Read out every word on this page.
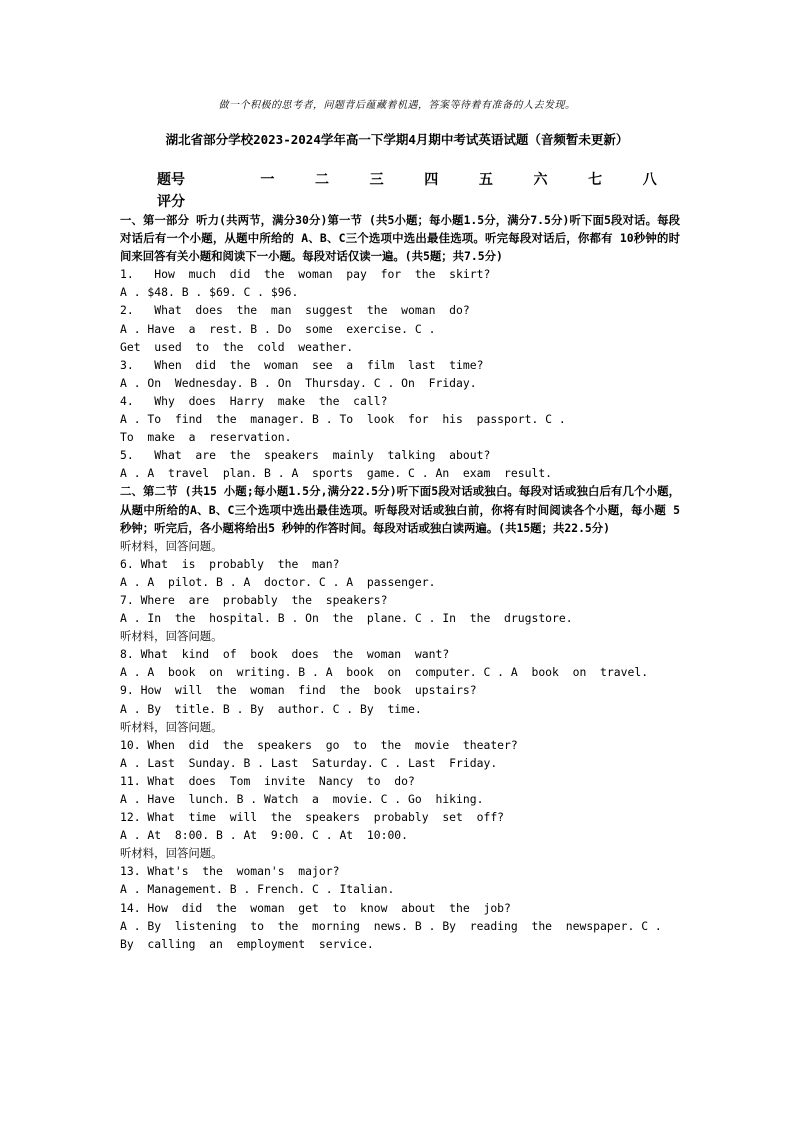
做一个积极的思考者，问题背后蕴藏着机遇，答案等待着有准备的人去发现。
湖北省部分学校2023-2024学年高一下学期4月期中考试英语试题（音频暂未更新）
题号	一	二	三	四	五	六	七	八
评分
一、第一部分 听力(共两节，满分30分)第一节 (共5小题；每小题1.5分，满分7.5分)听下面5段对话。每段对话后有一个小题，从题中所给的 A、B、C三个选项中选出最佳选项。听完每段对话后，你都有 10秒钟的时间来回答有关小题和阅读下一小题。每段对话仅读一遍。(共5题；共7.5分)
1.   How  much  did  the  woman  pay  for  the  skirt?
A . $48. B . $69. C . $96.
2.   What  does  the  man  suggest  the  woman  do?
A . Have  a  rest. B . Do  some  exercise. C .
Get  used  to  the  cold  weather.
3.   When  did  the  woman  see  a  film  last  time?
A . On  Wednesday. B . On  Thursday. C . On  Friday.
4.   Why  does  Harry  make  the  call?
A . To  find  the  manager. B . To  look  for  his  passport. C .
To  make  a  reservation.
5.   What  are  the  speakers  mainly  talking  about?
A . A  travel  plan. B . A  sports  game. C . An  exam  result.
二、第二节 (共15 小题;每小题1.5分,满分22.5分)听下面5段对话或独白。每段对话或独白后有几个小题，从题中所给的A、B、C三个选项中选出最佳选项。听每段对话或独白前，你将有时间阅读各个小题，每小题 5 秒钟；听完后，各小题将给出5 秒钟的作答时间。每段对话或独白读两遍。(共15题；共22.5分)
听材料，回答问题。
6. What  is  probably  the  man?
A . A  pilot. B . A  doctor. C . A  passenger.
7. Where  are  probably  the  speakers?
A . In  the  hospital. B . On  the  plane. C . In  the  drugstore.
听材料，回答问题。
8. What  kind  of  book  does  the  woman  want?
A . A  book  on  writing. B . A  book  on  computer. C . A  book  on  travel.
9. How  will  the  woman  find  the  book  upstairs?
A . By  title. B . By  author. C . By  time.
听材料，回答问题。
10. When  did  the  speakers  go  to  the  movie  theater?
A . Last  Sunday. B . Last  Saturday. C . Last  Friday.
11. What  does  Tom  invite  Nancy  to  do?
A . Have  lunch. B . Watch  a  movie. C . Go  hiking.
12. What  time  will  the  speakers  probably  set  off?
A . At  8:00. B . At  9:00. C . At  10:00.
听材料，回答问题。
13. What's  the  woman's  major?
A . Management. B . French. C . Italian.
14. How  did  the  woman  get  to  know  about  the  job?
A . By  listening  to  the  morning  news. B . By  reading  the  newspaper. C .
By  calling  an  employment  service.
